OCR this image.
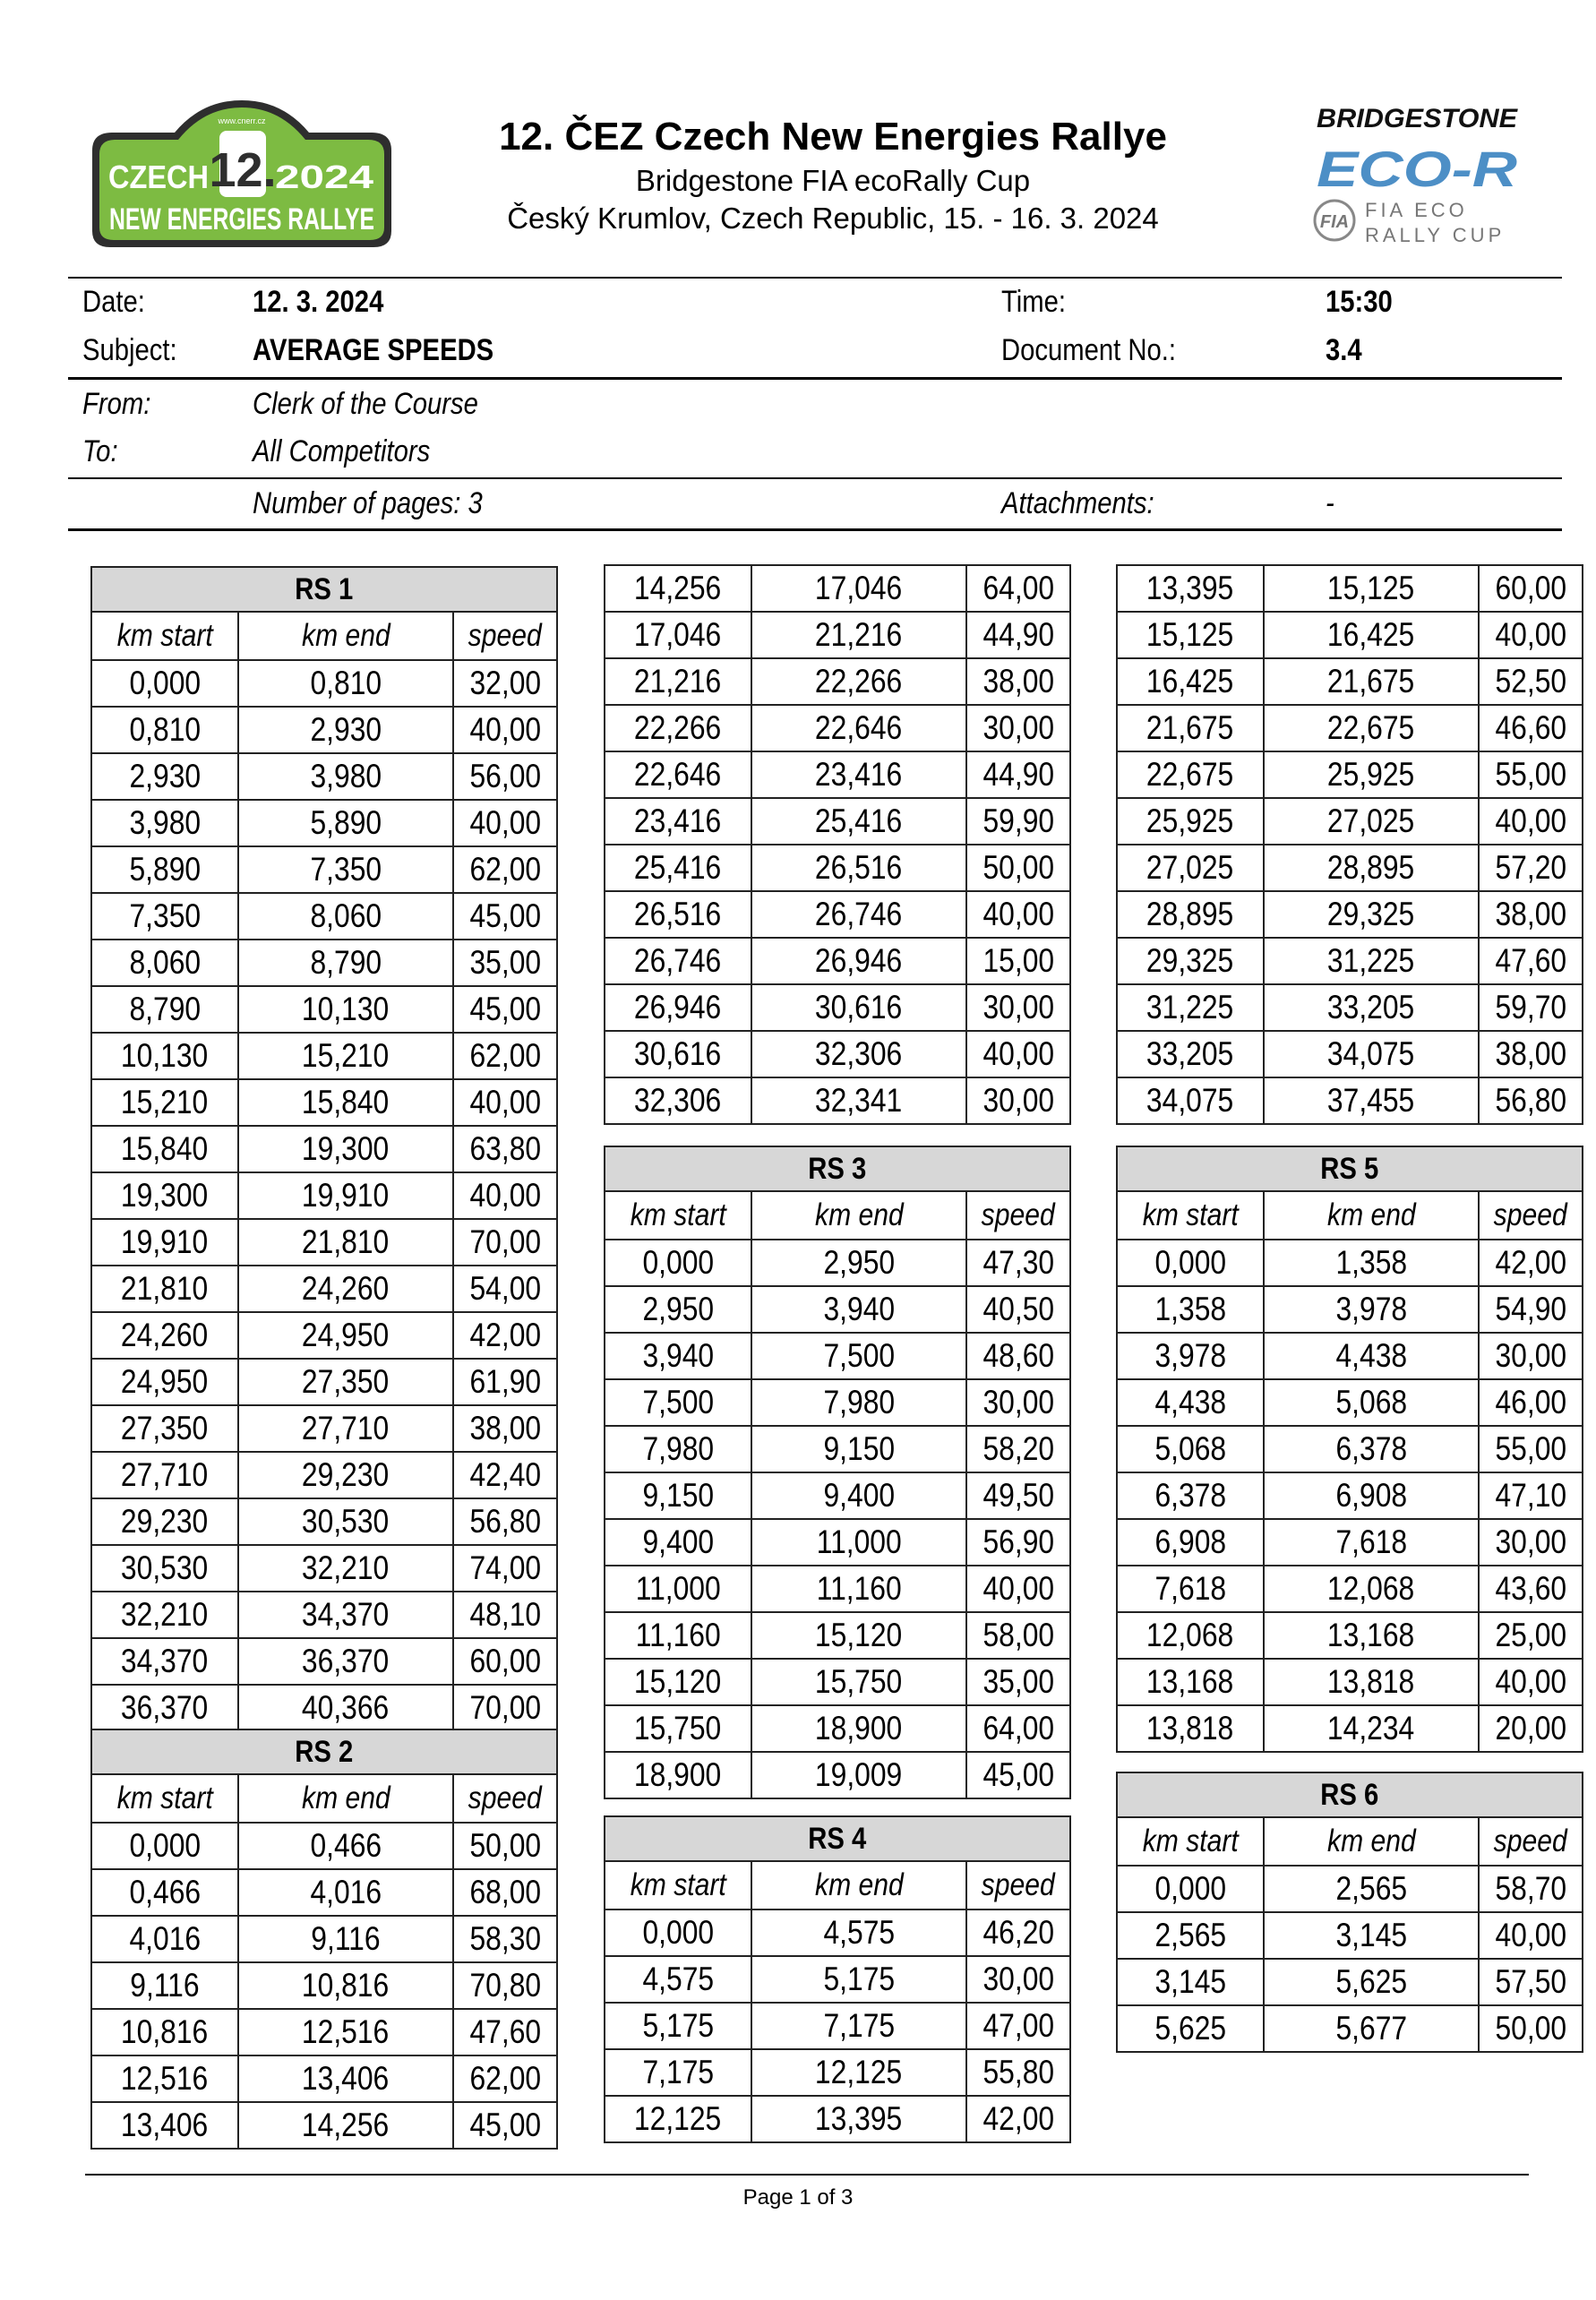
www.cnerr.cz
12.
CZECH 2024
NEW ENERGIES RALLYE
12. ČEZ Czech New Energies Rallye
Bridgestone FIA ecoRally Cup
Český Krumlov, Czech Republic, 15. - 16. 3. 2024
BRIDGESTONE
ECO-R
FIA
FIA ECO
RALLY CUP
Date:	12. 3. 2024	Time:	15:30
Subject:	AVERAGE SPEEDS	Document No.:	3.4
From:	Clerk of the Course
To:	All Competitors
Number of pages: 3	Attachments:	-
RS 1		
km start	km end	speed
0,000	0,810	32,00
0,810	2,930	40,00
2,930	3,980	56,00
3,980	5,890	40,00
5,890	7,350	62,00
7,350	8,060	45,00
8,060	8,790	35,00
8,790	10,130	45,00
10,130	15,210	62,00
15,210	15,840	40,00
15,840	19,300	63,80
19,300	19,910	40,00
19,910	21,810	70,00
21,810	24,260	54,00
24,260	24,950	42,00
24,950	27,350	61,90
27,350	27,710	38,00
27,710	29,230	42,40
29,230	30,530	56,80
30,530	32,210	74,00
32,210	34,370	48,10
34,370	36,370	60,00
36,370	40,366	70,00
RS 2		
km start	km end	speed
0,000	0,466	50,00
0,466	4,016	68,00
4,016	9,116	58,30
9,116	10,816	70,80
10,816	12,516	47,60
12,516	13,406	62,00
13,406	14,256	45,00
14,256	17,046	64,00
17,046	21,216	44,90
21,216	22,266	38,00
22,266	22,646	30,00
22,646	23,416	44,90
23,416	25,416	59,90
25,416	26,516	50,00
26,516	26,746	40,00
26,746	26,946	15,00
26,946	30,616	30,00
30,616	32,306	40,00
32,306	32,341	30,00
RS 3		
km start	km end	speed
0,000	2,950	47,30
2,950	3,940	40,50
3,940	7,500	48,60
7,500	7,980	30,00
7,980	9,150	58,20
9,150	9,400	49,50
9,400	11,000	56,90
11,000	11,160	40,00
11,160	15,120	58,00
15,120	15,750	35,00
15,750	18,900	64,00
18,900	19,009	45,00
RS 4		
km start	km end	speed
0,000	4,575	46,20
4,575	5,175	30,00
5,175	7,175	47,00
7,175	12,125	55,80
12,125	13,395	42,00
13,395	15,125	60,00
15,125	16,425	40,00
16,425	21,675	52,50
21,675	22,675	46,60
22,675	25,925	55,00
25,925	27,025	40,00
27,025	28,895	57,20
28,895	29,325	38,00
29,325	31,225	47,60
31,225	33,205	59,70
33,205	34,075	38,00
34,075	37,455	56,80
RS 5		
km start	km end	speed
0,000	1,358	42,00
1,358	3,978	54,90
3,978	4,438	30,00
4,438	5,068	46,00
5,068	6,378	55,00
6,378	6,908	47,10
6,908	7,618	30,00
7,618	12,068	43,60
12,068	13,168	25,00
13,168	13,818	40,00
13,818	14,234	20,00
RS 6		
km start	km end	speed
0,000	2,565	58,70
2,565	3,145	40,00
3,145	5,625	57,50
5,625	5,677	50,00
Page 1 of 3
